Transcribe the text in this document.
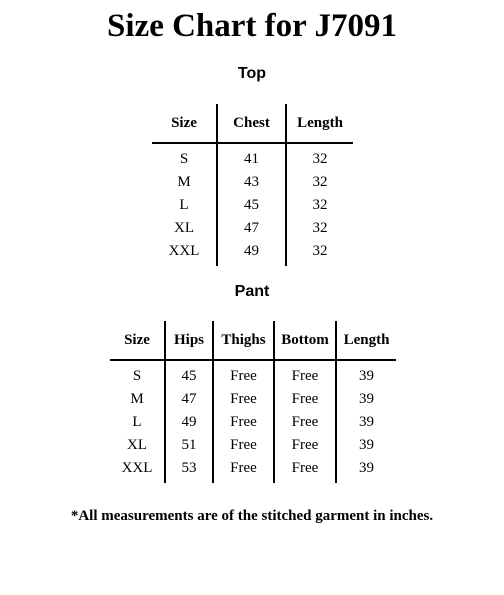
Size Chart for J7091
Top
Size	Chest	Length
S	41	32
M	43	32
L	45	32
XL	47	32
XXL	49	32
Pant
Size	Hips	Thighs	Bottom	Length
S	45	Free	Free	39
M	47	Free	Free	39
L	49	Free	Free	39
XL	51	Free	Free	39
XXL	53	Free	Free	39

*All measurements are of the stitched garment in inches.
